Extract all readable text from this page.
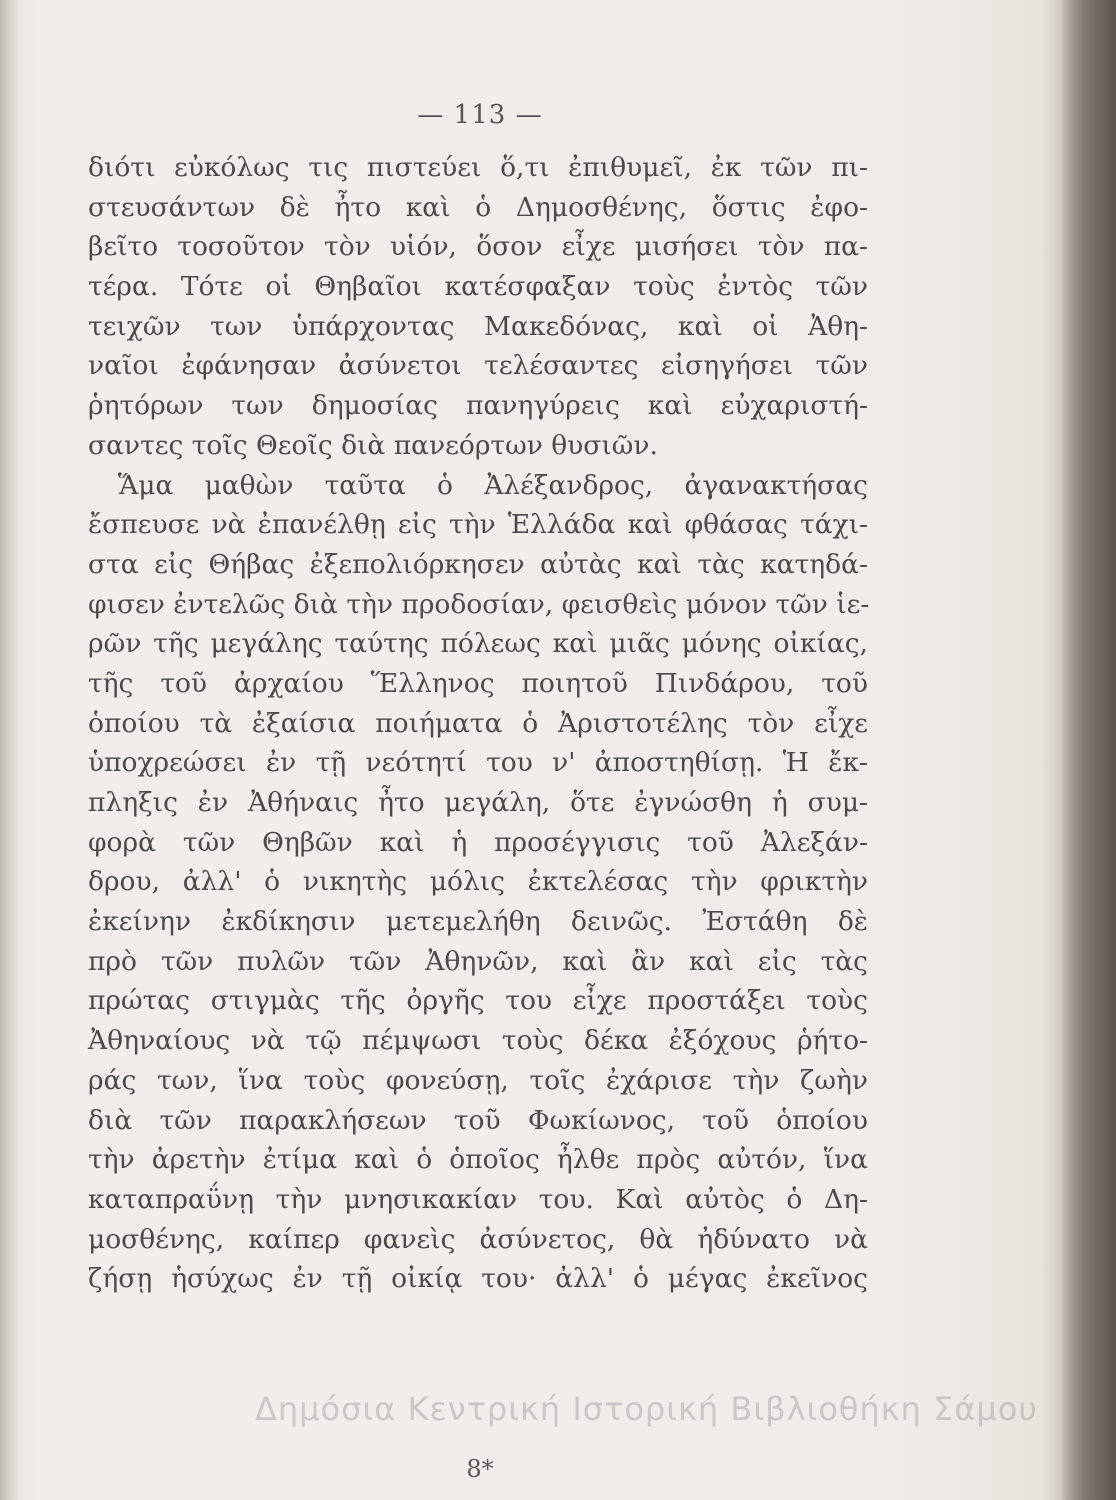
— 113 —
διότι εὐκόλως τις πιστεύει ὅ,τι ἐπιθυμεῖ, ἐκ τῶν πι-
στευσάντων δὲ ἦτο καὶ ὁ Δημοσθένης, ὅστις ἐφο-
βεῖτο τοσοῦτον τὸν υἱόν, ὅσον εἶχε μισήσει τὸν πα-
τέρα. Τότε οἱ Θηβαῖοι κατέσφαξαν τοὺς ἐντὸς τῶν
τειχῶν των ὑπάρχοντας Μακεδόνας, καὶ οἱ Ἀθη-
ναῖοι ἐφάνησαν ἀσύνετοι τελέσαντες εἰσηγήσει τῶν
ῥητόρων των δημοσίας πανηγύρεις καὶ εὐχαριστή-
σαντες τοῖς Θεοῖς διὰ πανεόρτων θυσιῶν.
Ἅμα μαθὼν ταῦτα ὁ Ἀλέξανδρος, ἀγανακτήσας
ἔσπευσε νὰ ἐπανέλθῃ εἰς τὴν Ἑλλάδα καὶ φθάσας τάχι-
στα εἰς Θήβας ἐξεπολιόρκησεν αὐτὰς καὶ τὰς κατηδά-
φισεν ἐντελῶς διὰ τὴν προδοσίαν, φεισθεὶς μόνον τῶν ἱε-
ρῶν τῆς μεγάλης ταύτης πόλεως καὶ μιᾶς μόνης οἰκίας,
τῆς τοῦ ἀρχαίου Ἕλληνος ποιητοῦ Πινδάρου, τοῦ
ὁποίου τὰ ἐξαίσια ποιήματα ὁ Ἀριστοτέλης τὸν εἶχε
ὑποχρεώσει ἐν τῇ νεότητί του ν' ἀποστηθίσῃ. Ἡ ἔκ-
πληξις ἐν Ἀθήναις ἦτο μεγάλη, ὅτε ἐγνώσθη ἡ συμ-
φορὰ τῶν Θηβῶν καὶ ἡ προσέγγισις τοῦ Ἀλεξάν-
δρου, ἀλλ' ὁ νικητὴς μόλις ἐκτελέσας τὴν φρικτὴν
ἐκείνην ἐκδίκησιν μετεμελήθη δεινῶς. Ἐστάθη δὲ
πρὸ τῶν πυλῶν τῶν Ἀθηνῶν, καὶ ἂν καὶ εἰς τὰς
πρώτας στιγμὰς τῆς ὀργῆς του εἶχε προστάξει τοὺς
Ἀθηναίους νὰ τῷ πέμψωσι τοὺς δέκα ἐξόχους ῥήτο-
ράς των, ἵνα τοὺς φονεύσῃ, τοῖς ἐχάρισε τὴν ζωὴν
διὰ τῶν παρακλήσεων τοῦ Φωκίωνος, τοῦ ὁποίου
τὴν ἀρετὴν ἐτίμα καὶ ὁ ὁποῖος ἦλθε πρὸς αὐτόν, ἵνα
καταπραΰνῃ τὴν μνησικακίαν του. Καὶ αὐτὸς ὁ Δη-
μοσθένης, καίπερ φανεὶς ἀσύνετος, θὰ ἠδύνατο νὰ
ζήσῃ ἡσύχως ἐν τῇ οἰκίᾳ του· ἀλλ' ὁ μέγας ἐκεῖνος
Δημόσια Κεντρική Ιστορική Βιβλιοθήκη Σάμου
8*
